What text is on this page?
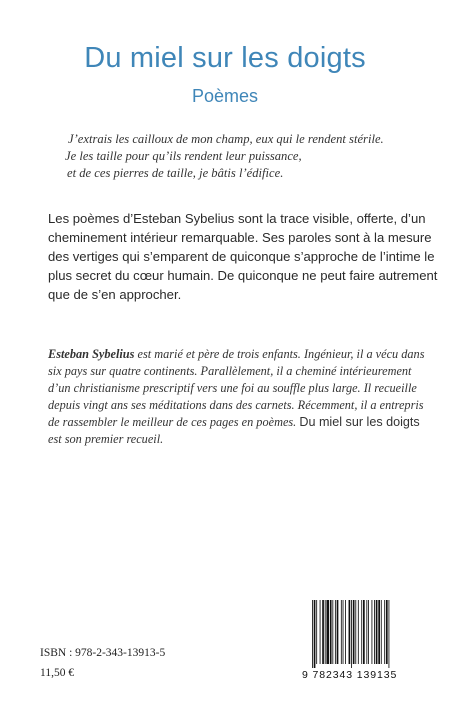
Du miel sur les doigts
Poèmes
J’extrais les cailloux de mon champ, eux qui le rendent stérile.
Je les taille pour qu’ils rendent leur puissance,
et de ces pierres de taille, je bâtis l’édifice.
Les poèmes d’Esteban Sybelius sont la trace visible, offerte, d’un
cheminement intérieur remarquable. Ses paroles sont à la mesure
des vertiges qui s’emparent de quiconque s’approche de l’intime le
plus secret du cœur humain. De quiconque ne peut faire autrement
que de s’en approcher.
Esteban Sybelius est marié et père de trois enfants. Ingénieur, il a vécu dans
six pays sur quatre continents. Parallèlement, il a cheminé intérieurement
d’un christianisme prescriptif vers une foi au souffle plus large. Il recueille
depuis vingt ans ses méditations dans des carnets. Récemment, il a entrepris
de rassembler le meilleur de ces pages en poèmes. Du miel sur les doigts
est son premier recueil.
ISBN : 978-2-343-13913-5
11,50 €	9 782343 139135
